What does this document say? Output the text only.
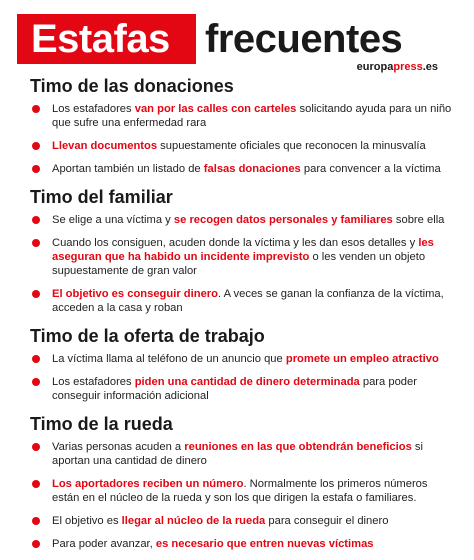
Estafas frecuentes
europapress.es
Timo de las donaciones
Los estafadores van por las calles con carteles solicitando ayuda para un niño que sufre una enfermedad rara
Llevan documentos supuestamente oficiales que reconocen la minusvalía
Aportan también un listado de falsas donaciones para convencer a la víctima
Timo del familiar
Se elige a una víctima y se recogen datos personales y familiares sobre ella
Cuando los consiguen, acuden donde la víctima y les dan esos detalles y les aseguran que ha habido un incidente imprevisto o les venden un objeto supuestamente de gran valor
El objetivo es conseguir dinero. A veces se ganan la confianza de la víctima, acceden a la casa y roban
Timo de la oferta de trabajo
La víctima llama al teléfono de un anuncio que promete un empleo atractivo
Los estafadores piden una cantidad de dinero determinada para poder conseguir información adicional
Timo de la rueda
Varias personas acuden a reuniones en las que obtendrán beneficios si aportan una cantidad de dinero
Los aportadores reciben un número. Normalmente los primeros números están en el núcleo de la rueda y son los que dirigen la estafa o familiares.
El objetivo es llegar al núcleo de la rueda para conseguir el dinero
Para poder avanzar, es necesario que entren nuevas víctimas
